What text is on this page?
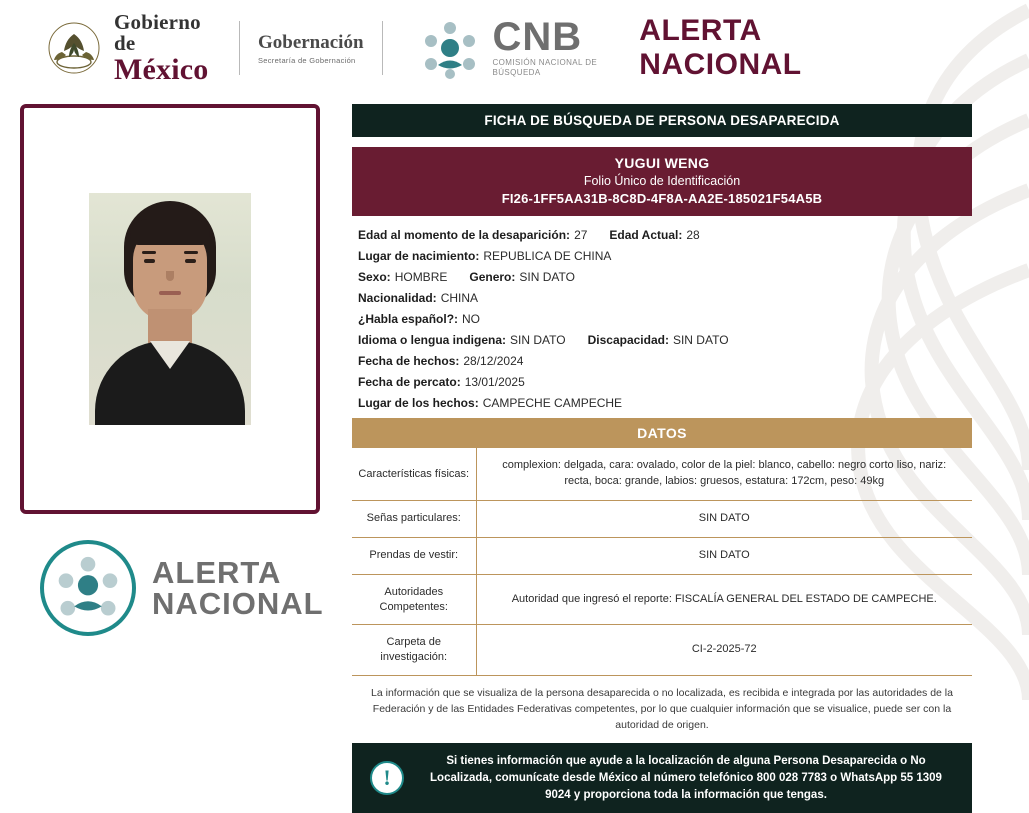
Gobierno de
México
Gobernación
Secretaría de Gobernación
CNB
COMISIÓN NACIONAL DE BÚSQUEDA
ALERTA NACIONAL
ALERTA
NACIONAL
FICHA DE BÚSQUEDA DE PERSONA DESAPARECIDA
YUGUI WENG
Folio Único de Identificación
FI26-1FF5AA31B-8C8D-4F8A-AA2E-185021F54A5B
Edad al momento de la desaparición: 27 Edad Actual: 28
Lugar de nacimiento: REPUBLICA DE CHINA
Sexo: HOMBRE Genero: SIN DATO
Nacionalidad: CHINA
¿Habla español?: NO
Idioma o lengua indigena: SIN DATO Discapacidad: SIN DATO
Fecha de hechos: 28/12/2024
Fecha de percato: 13/01/2025
Lugar de los hechos: CAMPECHE CAMPECHE
DATOS
Características físicas:	complexion: delgada, cara: ovalado, color de la piel: blanco, cabello: negro corto liso, nariz: recta, boca: grande, labios: gruesos, estatura: 172cm, peso: 49kg
Señas particulares:	SIN DATO
Prendas de vestir:	SIN DATO
Autoridades Competentes:	Autoridad que ingresó el reporte: FISCALÍA GENERAL DEL ESTADO DE CAMPECHE.
Carpeta de investigación:	CI-2-2025-72
La información que se visualiza de la persona desaparecida o no localizada, es recibida e integrada por las autoridades de la Federación y de las Entidades Federativas competentes, por lo que cualquier información que se visualice, puede ser con la autoridad de origen.
!
Si tienes información que ayude a la localización de alguna Persona Desaparecida o No Localizada, comunícate desde México al número telefónico 800 028 7783 o WhatsApp 55 1309 9024 y proporciona toda la información que tengas.
